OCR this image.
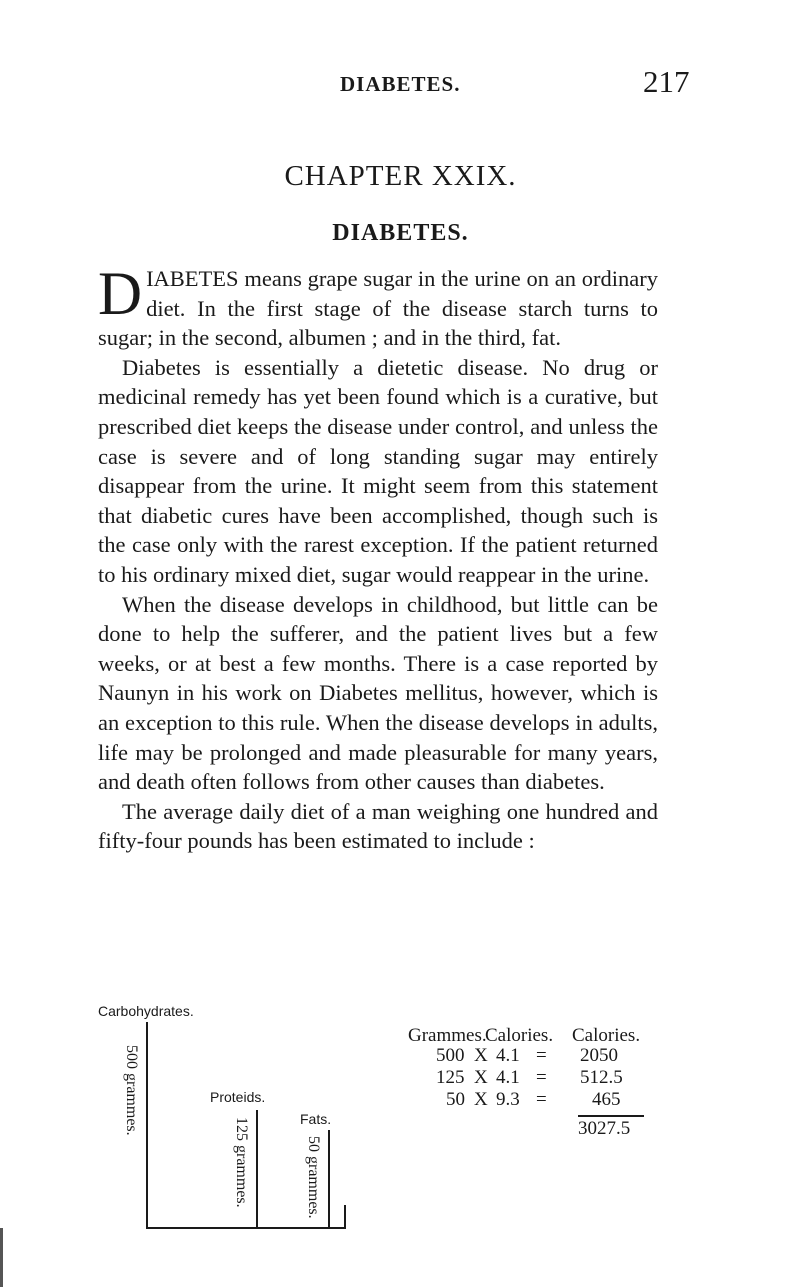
DIABETES.	217
CHAPTER XXIX.
DIABETES.

DIABETES means grape sugar in the urine on an ordinary diet. In the first stage of the disease starch turns to sugar; in the second, albumen ; and in the third, fat.

Diabetes is essentially a dietetic disease. No drug or medicinal remedy has yet been found which is a curative, but prescribed diet keeps the disease under control, and unless the case is severe and of long standing sugar may entirely disappear from the urine. It might seem from this statement that diabetic cures have been accomplished, though such is the case only with the rarest exception. If the patient returned to his ordinary mixed diet, sugar would reappear in the urine.

When the disease develops in childhood, but little can be done to help the sufferer, and the patient lives but a few weeks, or at best a few months. There is a case reported by Naunyn in his work on Diabetes mellitus, however, which is an exception to this rule. When the disease develops in adults, life may be prolonged and made pleasurable for many years, and death often follows from other causes than diabetes.

The average daily diet of a man weighing one hundred and fifty-four pounds has been estimated to include :

Carbohydrates.
500 grammes.	Proteids.
125 grammes.	Fats.
50 grammes.
Grammes.
Calories. Calories.
500 X 4.1 = 2050
125 X 4.1 = 512.5
50 X 9.3 = 465
3027.5
